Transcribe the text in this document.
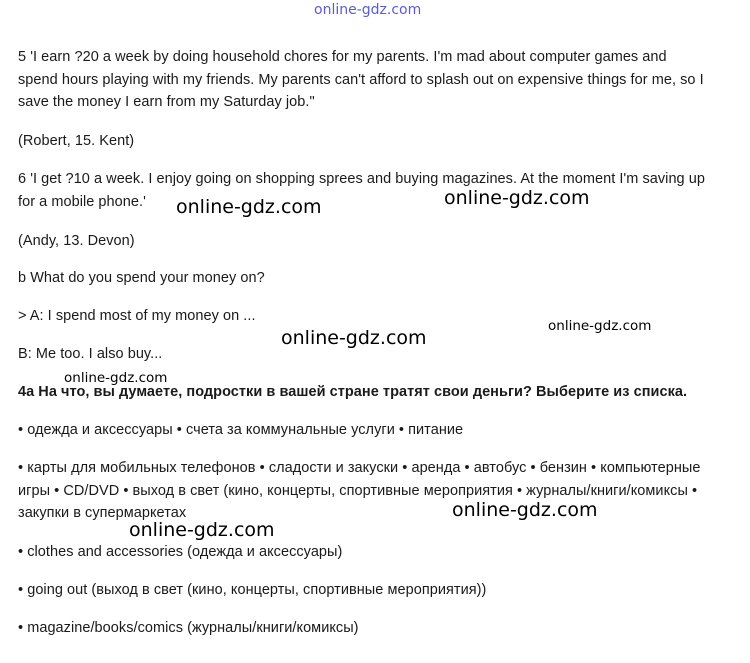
online-gdz.com

5 'I earn ?20 a week by doing household chores for my parents. I'm mad about computer games and spend hours playing with my friends. My parents can't afford to splash out on expensive things for me, so I save the money I earn from my Saturday job."

(Robert, 15. Kent)

6 'I get ?10 a week. I enjoy going on shopping sprees and buying magazines. At the moment I'm saving up for a mobile phone.'

(Andy, 13. Devon)

b What do you spend your money on?

> A: I spend most of my money on ...

B: Me too. I also buy...

4a На что, вы думаете, подростки в вашей стране тратят свои деньги? Выберите из списка.

• одежда и аксессуары • счета за коммунальные услуги • питание

• карты для мобильных телефонов • сладости и закуски • аренда • автобус • бензин • компьютерные игры • CD/DVD • выход в свет (кино, концерты, спортивные мероприятия • журналы/книги/комиксы • закупки в супермаркетах

• clothes and accessories (одежда и аксессуары)

• going out (выход в свет (кино, концерты, спортивные мероприятия))

• magazine/books/comics (журналы/книги/комиксы)

online-gdz.com	online-gdz.com
online-gdz.com
online-gdz.com
online-gdz.com
online-gdz.com
online-gdz.com
